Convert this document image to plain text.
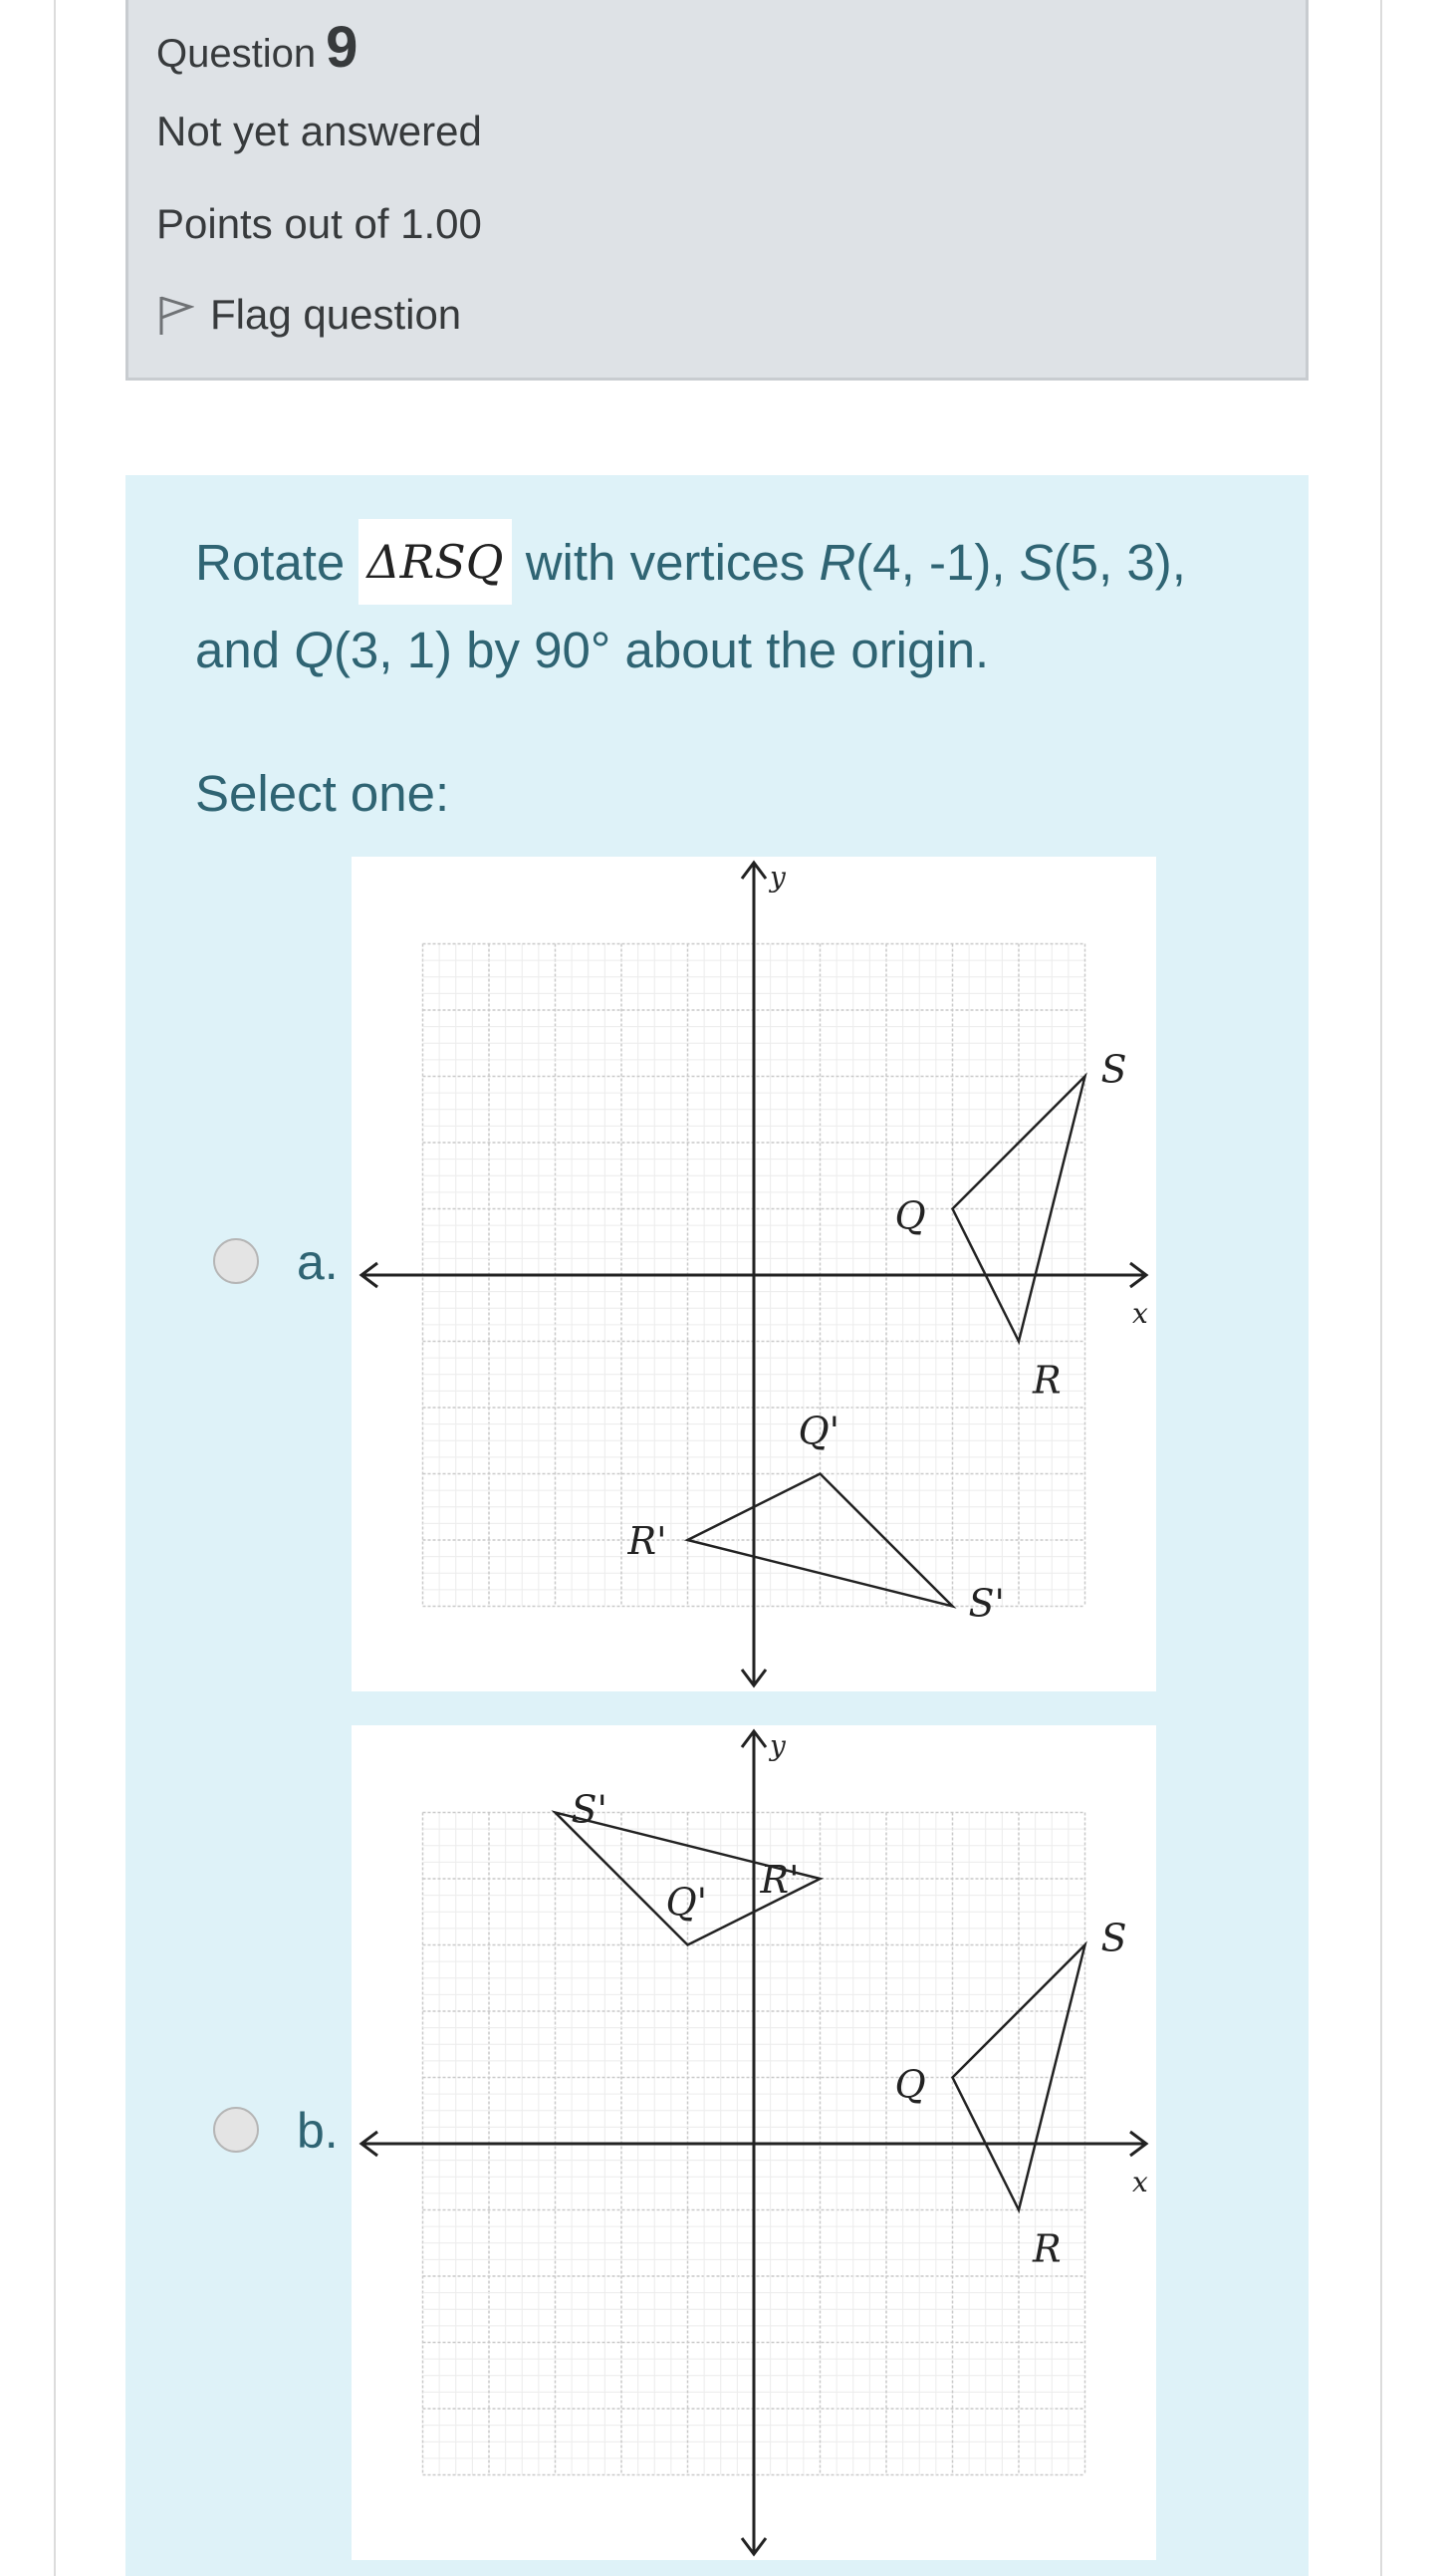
Question 9
Not yet answered
Points out of 1.00
Flag question
Rotate ΔRSQ with vertices R(4, -1), S(5, 3), and Q(3, 1) by 90° about the origin.
Select one:
a.
x
y
R
S
Q
R'
S'
Q'
b.
x
y
R
S
Q
R'
S'
Q'
